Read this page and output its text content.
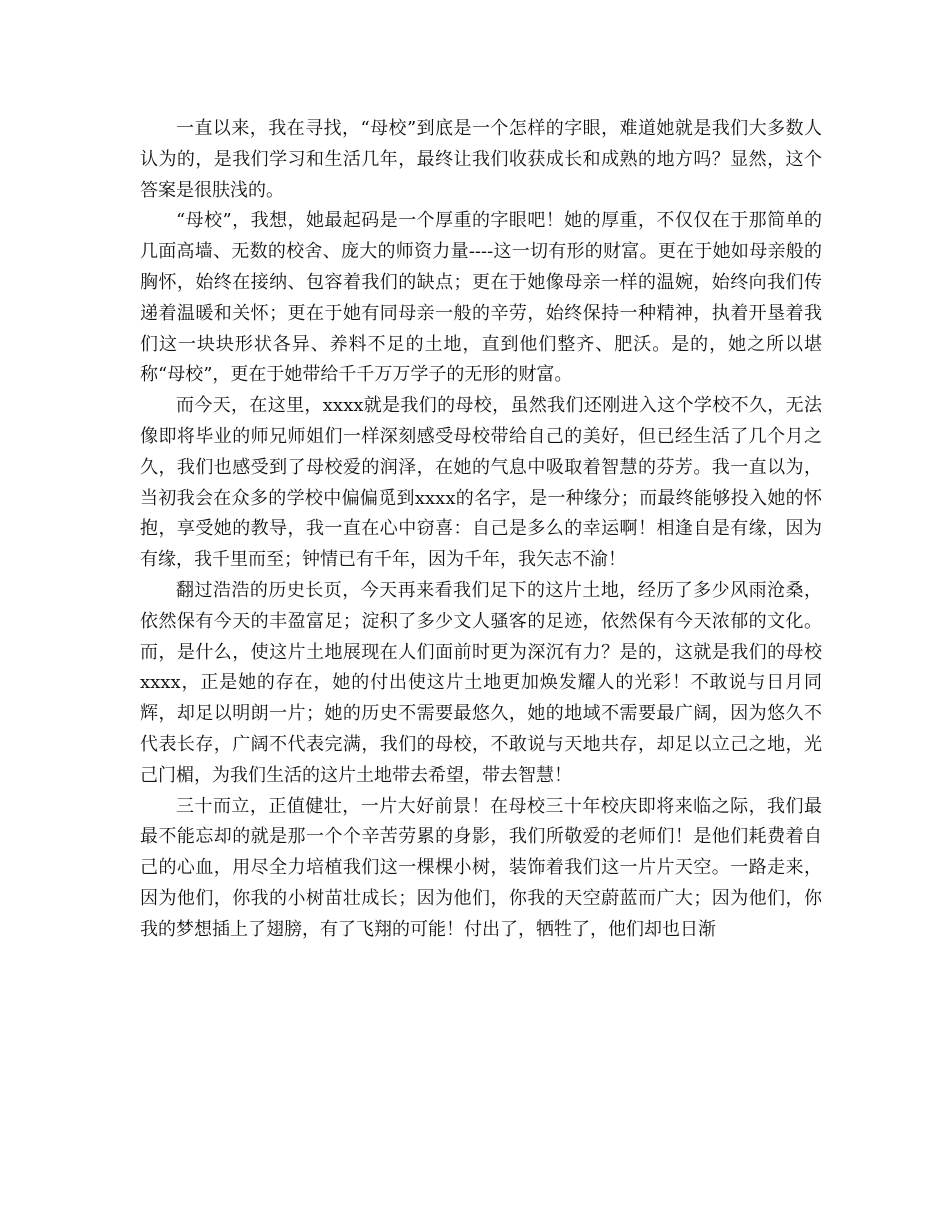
一直以来，我在寻找，“母校”到底是一个怎样的字眼，难道她就是我们大多数人认为的，是我们学习和生活几年，最终让我们收获成长和成熟的地方吗？显然，这个答案是很肤浅的。

“母校”，我想，她最起码是一个厚重的字眼吧！她的厚重，不仅仅在于那简单的几面高墙、无数的校舍、庞大的师资力量----这一切有形的财富。更在于她如母亲般的胸怀，始终在接纳、包容着我们的缺点；更在于她像母亲一样的温婉，始终向我们传递着温暖和关怀；更在于她有同母亲一般的辛劳，始终保持一种精神，执着开垦着我们这一块块形状各异、养料不足的土地，直到他们整齐、肥沃。是的，她之所以堪称“母校”，更在于她带给千千万万学子的无形的财富。

而今天，在这里，xxxx就是我们的母校，虽然我们还刚进入这个学校不久，无法像即将毕业的师兄师姐们一样深刻感受母校带给自己的美好，但已经生活了几个月之久，我们也感受到了母校爱的润泽，在她的气息中吸取着智慧的芬芳。我一直以为，当初我会在众多的学校中偏偏觅到xxxx的名字，是一种缘分；而最终能够投入她的怀抱，享受她的教导，我一直在心中窃喜：自己是多么的幸运啊！相逢自是有缘，因为有缘，我千里而至；钟情已有千年，因为千年，我矢志不渝！

翻过浩浩的历史长页，今天再来看我们足下的这片土地，经历了多少风雨沧桑，依然保有今天的丰盈富足；淀积了多少文人骚客的足迹，依然保有今天浓郁的文化。而，是什么，使这片土地展现在人们面前时更为深沉有力？是的，这就是我们的母校xxxx，正是她的存在，她的付出使这片土地更加焕发耀人的光彩！不敢说与日月同辉，却足以明朗一片；她的历史不需要最悠久，她的地域不需要最广阔，因为悠久不代表长存，广阔不代表完满，我们的母校，不敢说与天地共存，却足以立己之地，光己门楣，为我们生活的这片土地带去希望，带去智慧！

三十而立，正值健壮，一片大好前景！在母校三十年校庆即将来临之际，我们最最不能忘却的就是那一个个辛苦劳累的身影，我们所敬爱的老师们！是他们耗费着自己的心血，用尽全力培植我们这一棵棵小树，装饰着我们这一片片天空。一路走来，因为他们，你我的小树苗壮成长；因为他们，你我的天空蔚蓝而广大；因为他们，你我的梦想插上了翅膀，有了飞翔的可能！付出了，牺牲了，他们却也日渐
